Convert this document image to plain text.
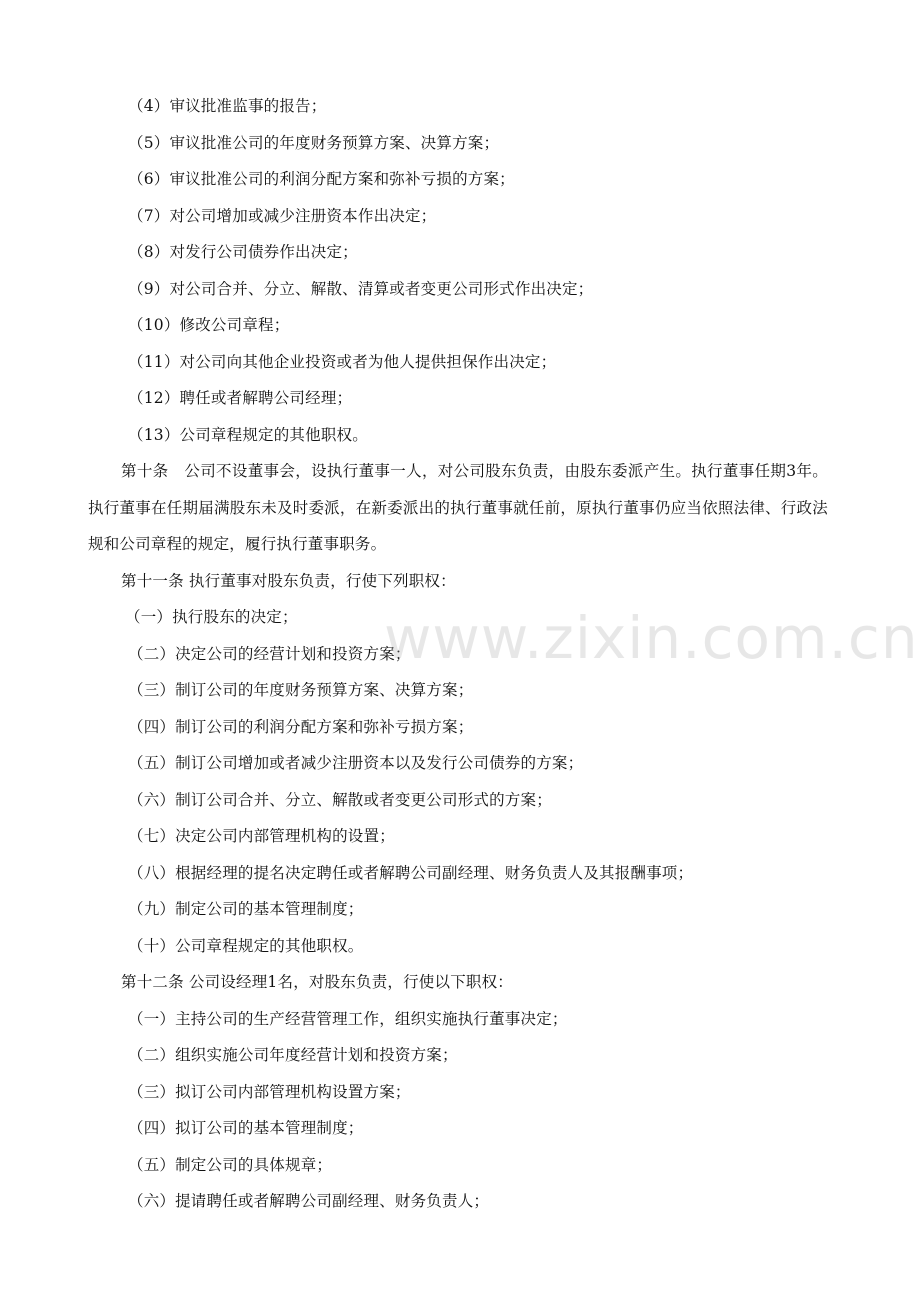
（4）审议批准监事的报告；
（5）审议批准公司的年度财务预算方案、决算方案；
（6）审议批准公司的利润分配方案和弥补亏损的方案；
（7）对公司增加或减少注册资本作出决定；
（8）对发行公司债券作出决定；
（9）对公司合并、分立、解散、清算或者变更公司形式作出决定；
（10）修改公司章程；
（11）对公司向其他企业投资或者为他人提供担保作出决定；
（12）聘任或者解聘公司经理；
（13）公司章程规定的其他职权。
第十条　公司不设董事会，设执行董事一人，对公司股东负责，由股东委派产生。执行董事任期3年。执行董事在任期届满股东未及时委派，在新委派出的执行董事就任前，原执行董事仍应当依照法律、行政法规和公司章程的规定，履行执行董事职务。
第十一条 执行董事对股东负责，行使下列职权：
（一）执行股东的决定；
（二）决定公司的经营计划和投资方案；
（三）制订公司的年度财务预算方案、决算方案；
（四）制订公司的利润分配方案和弥补亏损方案；
（五）制订公司增加或者减少注册资本以及发行公司债券的方案；
（六）制订公司合并、分立、解散或者变更公司形式的方案；
（七）决定公司内部管理机构的设置；
（八）根据经理的提名决定聘任或者解聘公司副经理、财务负责人及其报酬事项；
（九）制定公司的基本管理制度；
（十）公司章程规定的其他职权。
第十二条 公司设经理1名，对股东负责，行使以下职权：
（一）主持公司的生产经营管理工作，组织实施执行董事决定；
（二）组织实施公司年度经营计划和投资方案；
（三）拟订公司内部管理机构设置方案；
（四）拟订公司的基本管理制度；
（五）制定公司的具体规章；
（六）提请聘任或者解聘公司副经理、财务负责人；
www.zixin.com.cn
